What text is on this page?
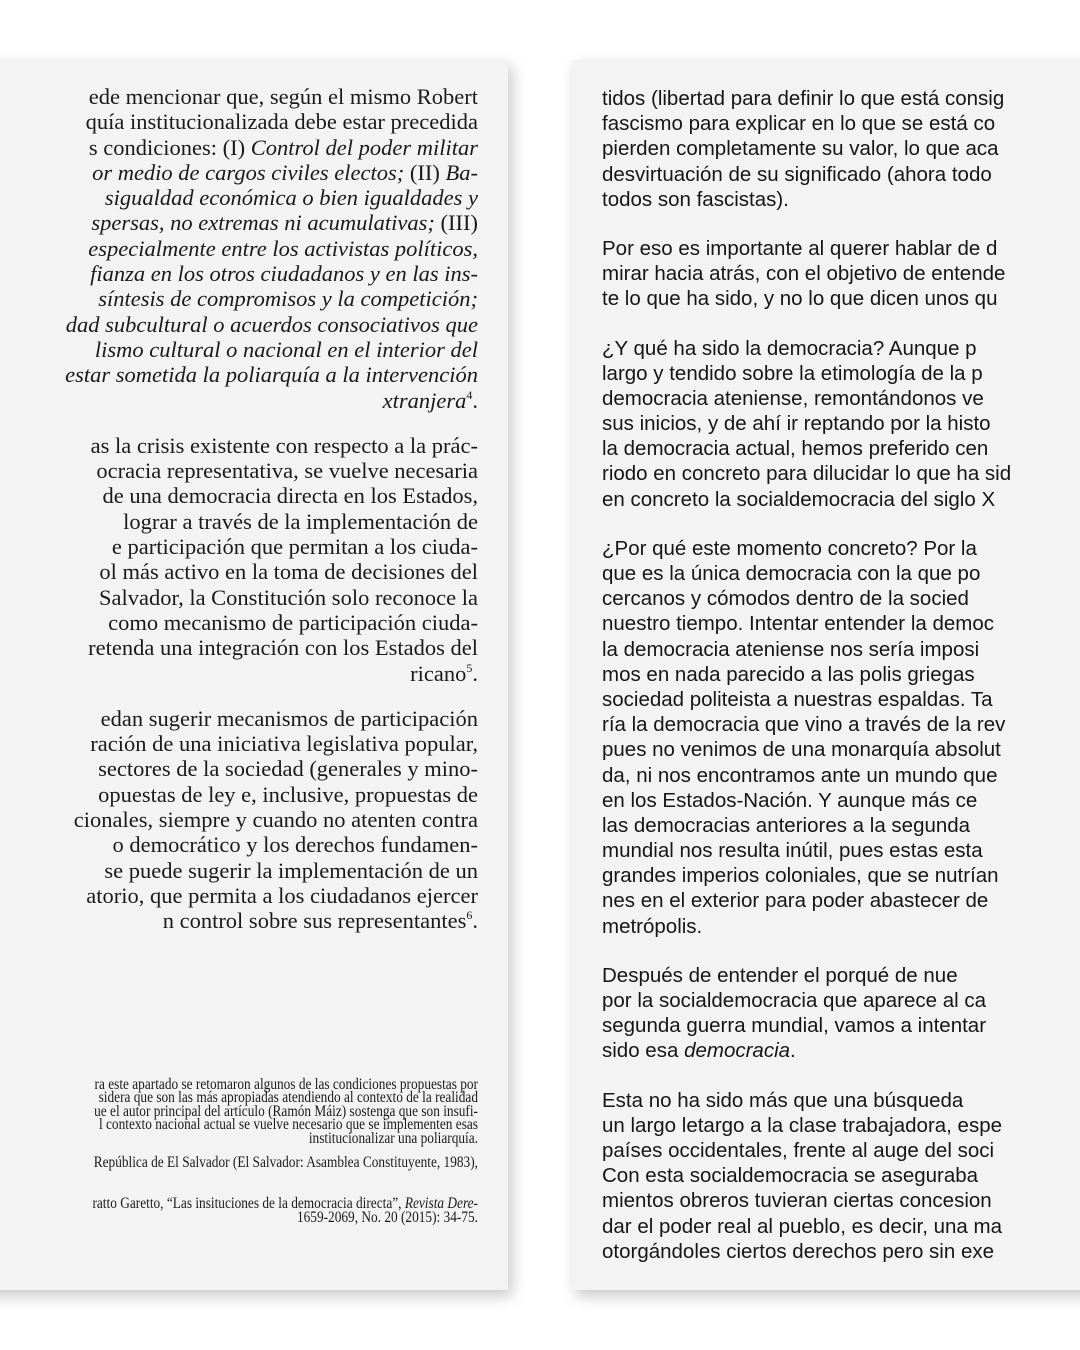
ede mencionar que, según el mismo Robert
quía institucionalizada debe estar precedida
s condiciones: (I) Control del poder militar
or medio de cargos civiles electos; (II) Ba-
sigualdad económica o bien igualdades y
spersas, no extremas ni acumulativas; (III)
especialmente entre los activistas políticos,
fianza en los otros ciudadanos y en las ins-
síntesis de compromisos y la competición;
dad subcultural o acuerdos consociativos que
lismo cultural o nacional en el interior del
estar sometida la poliarquía a la intervención
xtranjera$^4$.
as la crisis existente con respecto a la prác-
ocracia representativa, se vuelve necesaria
de una democracia directa en los Estados,
lograr a través de la implementación de
e participación que permitan a los ciuda-
ol más activo en la toma de decisiones del
Salvador, la Constitución solo reconoce la
como mecanismo de participación ciuda-
retenda una integración con los Estados del
ricano$^5$.
edan sugerir mecanismos de participación
ración de una iniciativa legislativa popular,
sectores de la sociedad (generales y mino-
opuestas de ley e, inclusive, propuestas de
cionales, siempre y cuando no atenten contra
o democrático y los derechos fundamen-
se puede sugerir la implementación de un
atorio, que permita a los ciudadanos ejercer
n control sobre sus representantes$^6$.
ra este apartado se retomaron algunos de las condiciones propuestas por
sidera que son las más apropiadas atendiendo al contexto de la realidad
ue el autor principal del artículo (Ramón Máiz) sostenga que son insufi-
l contexto nacional actual se vuelve necesario que se implementen esas
institucionalizar una poliarquía.
República de El Salvador (El Salvador: Asamblea Constituyente, 1983),
ratto Garetto, “Las insituciones de la democracia directa”, Revista Dere-
1659-2069, No. 20 (2015): 34-75.
tidos (libertad para definir lo que está consig
fascismo para explicar en lo que se está co
pierden completamente su valor, lo que aca
desvirtuación de su significado (ahora todo
todos son fascistas).
Por eso es importante al querer hablar de d
mirar hacia atrás, con el objetivo de entende
te lo que ha sido, y no lo que dicen unos qu
¿Y qué ha sido la democracia? Aunque p
largo y tendido sobre la etimología de la p
democracia ateniense, remontándonos ve
sus inicios, y de ahí ir reptando por la histo
la democracia actual, hemos preferido cen
riodo en concreto para dilucidar lo que ha sid
en concreto la socialdemocracia del siglo X
¿Por qué este momento concreto? Por la
que es la única democracia con la que po
cercanos y cómodos dentro de la socied
nuestro tiempo. Intentar entender la democ
la democracia ateniense nos sería imposi
mos en nada parecido a las polis griegas
sociedad politeista a nuestras espaldas. Ta
ría la democracia que vino a través de la rev
pues no venimos de una monarquía absolut
da, ni nos encontramos ante un mundo que
en los Estados-Nación. Y aunque más ce
las democracias anteriores a la segunda
mundial nos resulta inútil, pues estas esta
grandes imperios coloniales, que se nutrían
nes en el exterior para poder abastecer de
metrópolis.
Después de entender el porqué de nue
por la socialdemocracia que aparece al ca
segunda guerra mundial, vamos a intentar
sido esa democracia.
Esta no ha sido más que una búsqueda
un largo letargo a la clase trabajadora, espe
países occidentales, frente al auge del soci
Con esta socialdemocracia se aseguraba
mientos obreros tuvieran ciertas concesion
dar el poder real al pueblo, es decir, una ma
otorgándoles ciertos derechos pero sin exe
